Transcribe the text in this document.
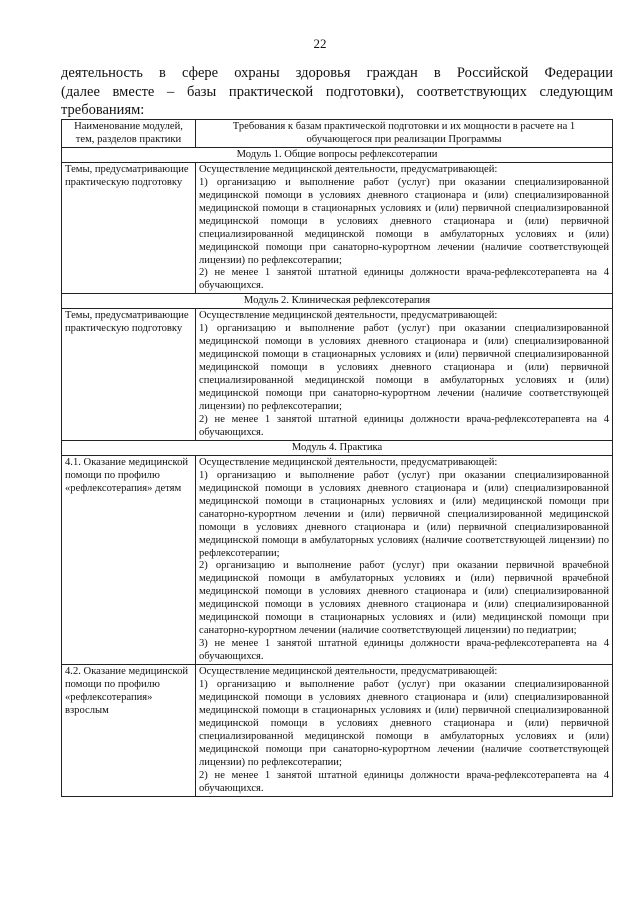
22
деятельность в сфере охраны здоровья граждан в Российской Федерации
(далее вместе – базы практической подготовки), соответствующих следующим
требованиям:
Наименование модулей, тем, разделов практики	Требования к базам практической подготовки и их мощности в расчете на 1 обучающегося при реализации Программы
Модуль 1. Общие вопросы рефлексотерапии	
Темы, предусматривающие практическую подготовку	Осуществление медицинской деятельности, предусматривающей:

1) организацию и выполнение работ (услуг) при оказании специализированной медицинской помощи в условиях дневного стационара и (или) специализированной медицинской помощи в стационарных условиях и (или) первичной специализированной медицинской помощи в условиях дневного стационара и (или) первичной специализированной медицинской помощи в амбулаторных условиях и (или) медицинской помощи при санаторно-курортном лечении (наличие соответствующей лицензии) по рефлексотерапии;

2) не менее 1 занятой штатной единицы должности врача-рефлексотерапевта на 4 обучающихся.

Модуль 2. Клиническая рефлексотерапия	
Темы, предусматривающие практическую подготовку	Осуществление медицинской деятельности, предусматривающей:

1) организацию и выполнение работ (услуг) при оказании специализированной медицинской помощи в условиях дневного стационара и (или) специализированной медицинской помощи в стационарных условиях и (или) первичной специализированной медицинской помощи в условиях дневного стационара и (или) первичной специализированной медицинской помощи в амбулаторных условиях и (или) медицинской помощи при санаторно-курортном лечении (наличие соответствующей лицензии) по рефлексотерапии;

2) не менее 1 занятой штатной единицы должности врача-рефлексотерапевта на 4 обучающихся.

Модуль 4. Практика	
4.1. Оказание медицинской помощи по профилю «рефлексотерапия» детям	Осуществление медицинской деятельности, предусматривающей:

1) организацию и выполнение работ (услуг) при оказании специализированной медицинской помощи в условиях дневного стационара и (или) специализированной медицинской помощи в стационарных условиях и (или) медицинской помощи при санаторно-курортном лечении и (или) первичной специализированной медицинской помощи в условиях дневного стационара и (или) первичной специализированной медицинской помощи в амбулаторных условиях (наличие соответствующей лицензии) по рефлексотерапии;

2) организацию и выполнение работ (услуг) при оказании первичной врачебной медицинской помощи в амбулаторных условиях и (или) первичной врачебной медицинской помощи в условиях дневного стационара и (или) специализированной медицинской помощи в условиях дневного стационара и (или) специализированной медицинской помощи в стационарных условиях и (или) медицинской помощи при санаторно-курортном лечении (наличие соответствующей лицензии) по педиатрии;

3) не менее 1 занятой штатной единицы должности врача-рефлексотерапевта на 4 обучающихся.

4.2. Оказание медицинской помощи по профилю «рефлексотерапия» взрослым	Осуществление медицинской деятельности, предусматривающей:

1) организацию и выполнение работ (услуг) при оказании специализированной медицинской помощи в условиях дневного стационара и (или) специализированной медицинской помощи в стационарных условиях и (или) первичной специализированной медицинской помощи в условиях дневного стационара и (или) первичной специализированной медицинской помощи в амбулаторных условиях и (или) медицинской помощи при санаторно-курортном лечении (наличие соответствующей лицензии) по рефлексотерапии;

2) не менее 1 занятой штатной единицы должности врача-рефлексотерапевта на 4 обучающихся.
